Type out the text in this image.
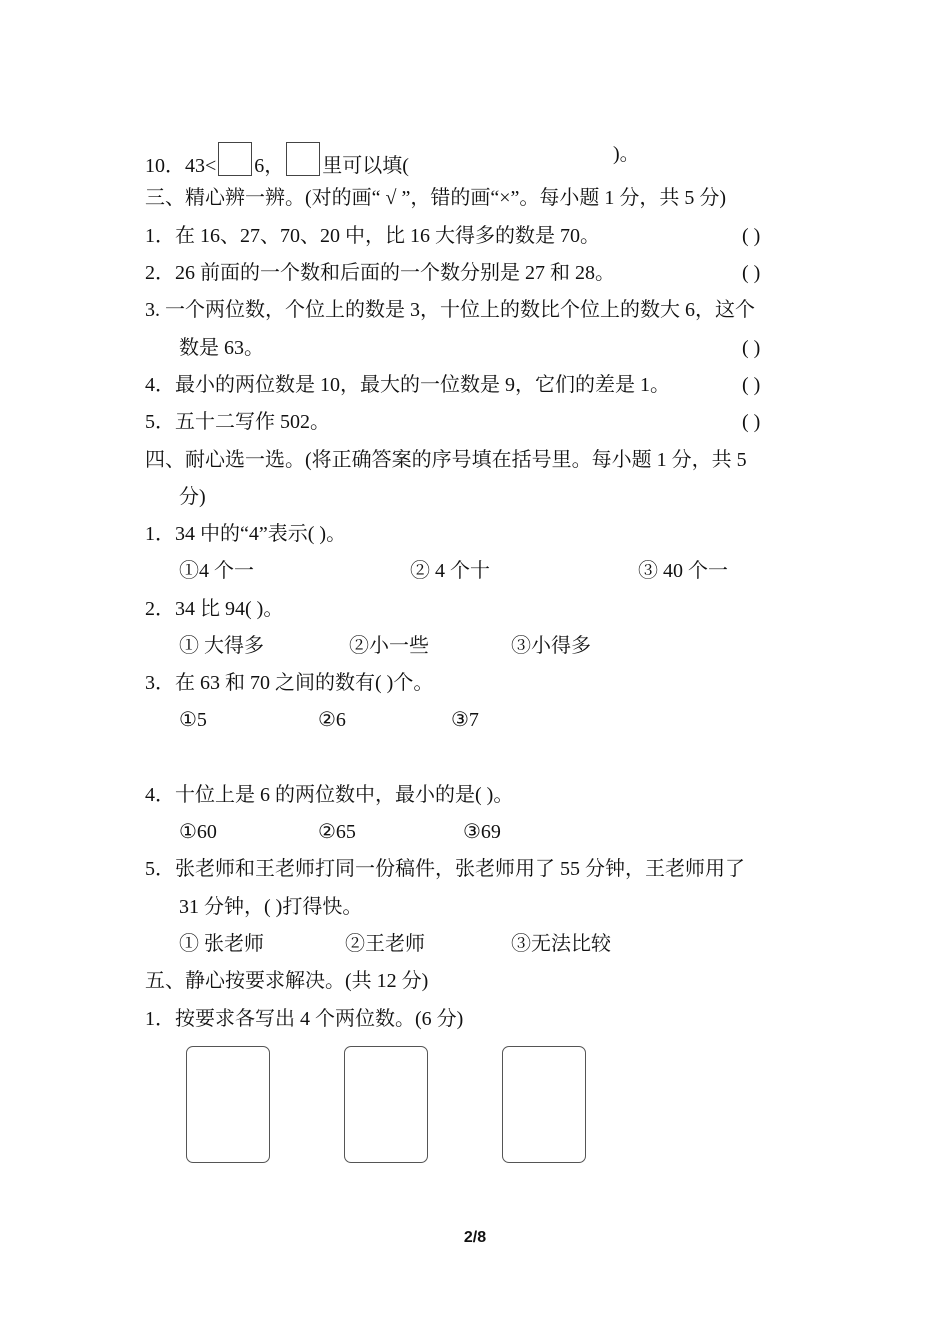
10．43< 6， 里可以填(
)。
三、精心辨一辨。(对的画“ √ ”，错的画“×”。每小题 1 分，共 5 分)
1．在 16、27、70、20 中，比 16 大得多的数是 70。	( )
2．26 前面的一个数和后面的一个数分别是 27 和 28。	( )
3. 一个两位数，个位上的数是 3，十位上的数比个位上的数大 6，这个
数是 63。	( )
4．最小的两位数是 10，最大的一位数是 9，它们的差是 1。	( )
5．五十二写作 502。	( )
四、耐心选一选。(将正确答案的序号填在括号里。每小题 1 分，共 5
分)
1．34 中的“4”表示( )。
①4 个一	② 4 个十	③ 40 个一
2．34 比 94( )。
① 大得多	②小一些	③小得多
3．在 63 和 70 之间的数有( )个。
①5	②6	③7
4．十位上是 6 的两位数中，最小的是( )。
①60	②65	③69
5．张老师和王老师打同一份稿件，张老师用了 55 分钟，王老师用了
31 分钟，( )打得快。
① 张老师	②王老师	③无法比较
五、静心按要求解决。(共 12 分)
1．按要求各写出 4 个两位数。(6 分)
2/8
